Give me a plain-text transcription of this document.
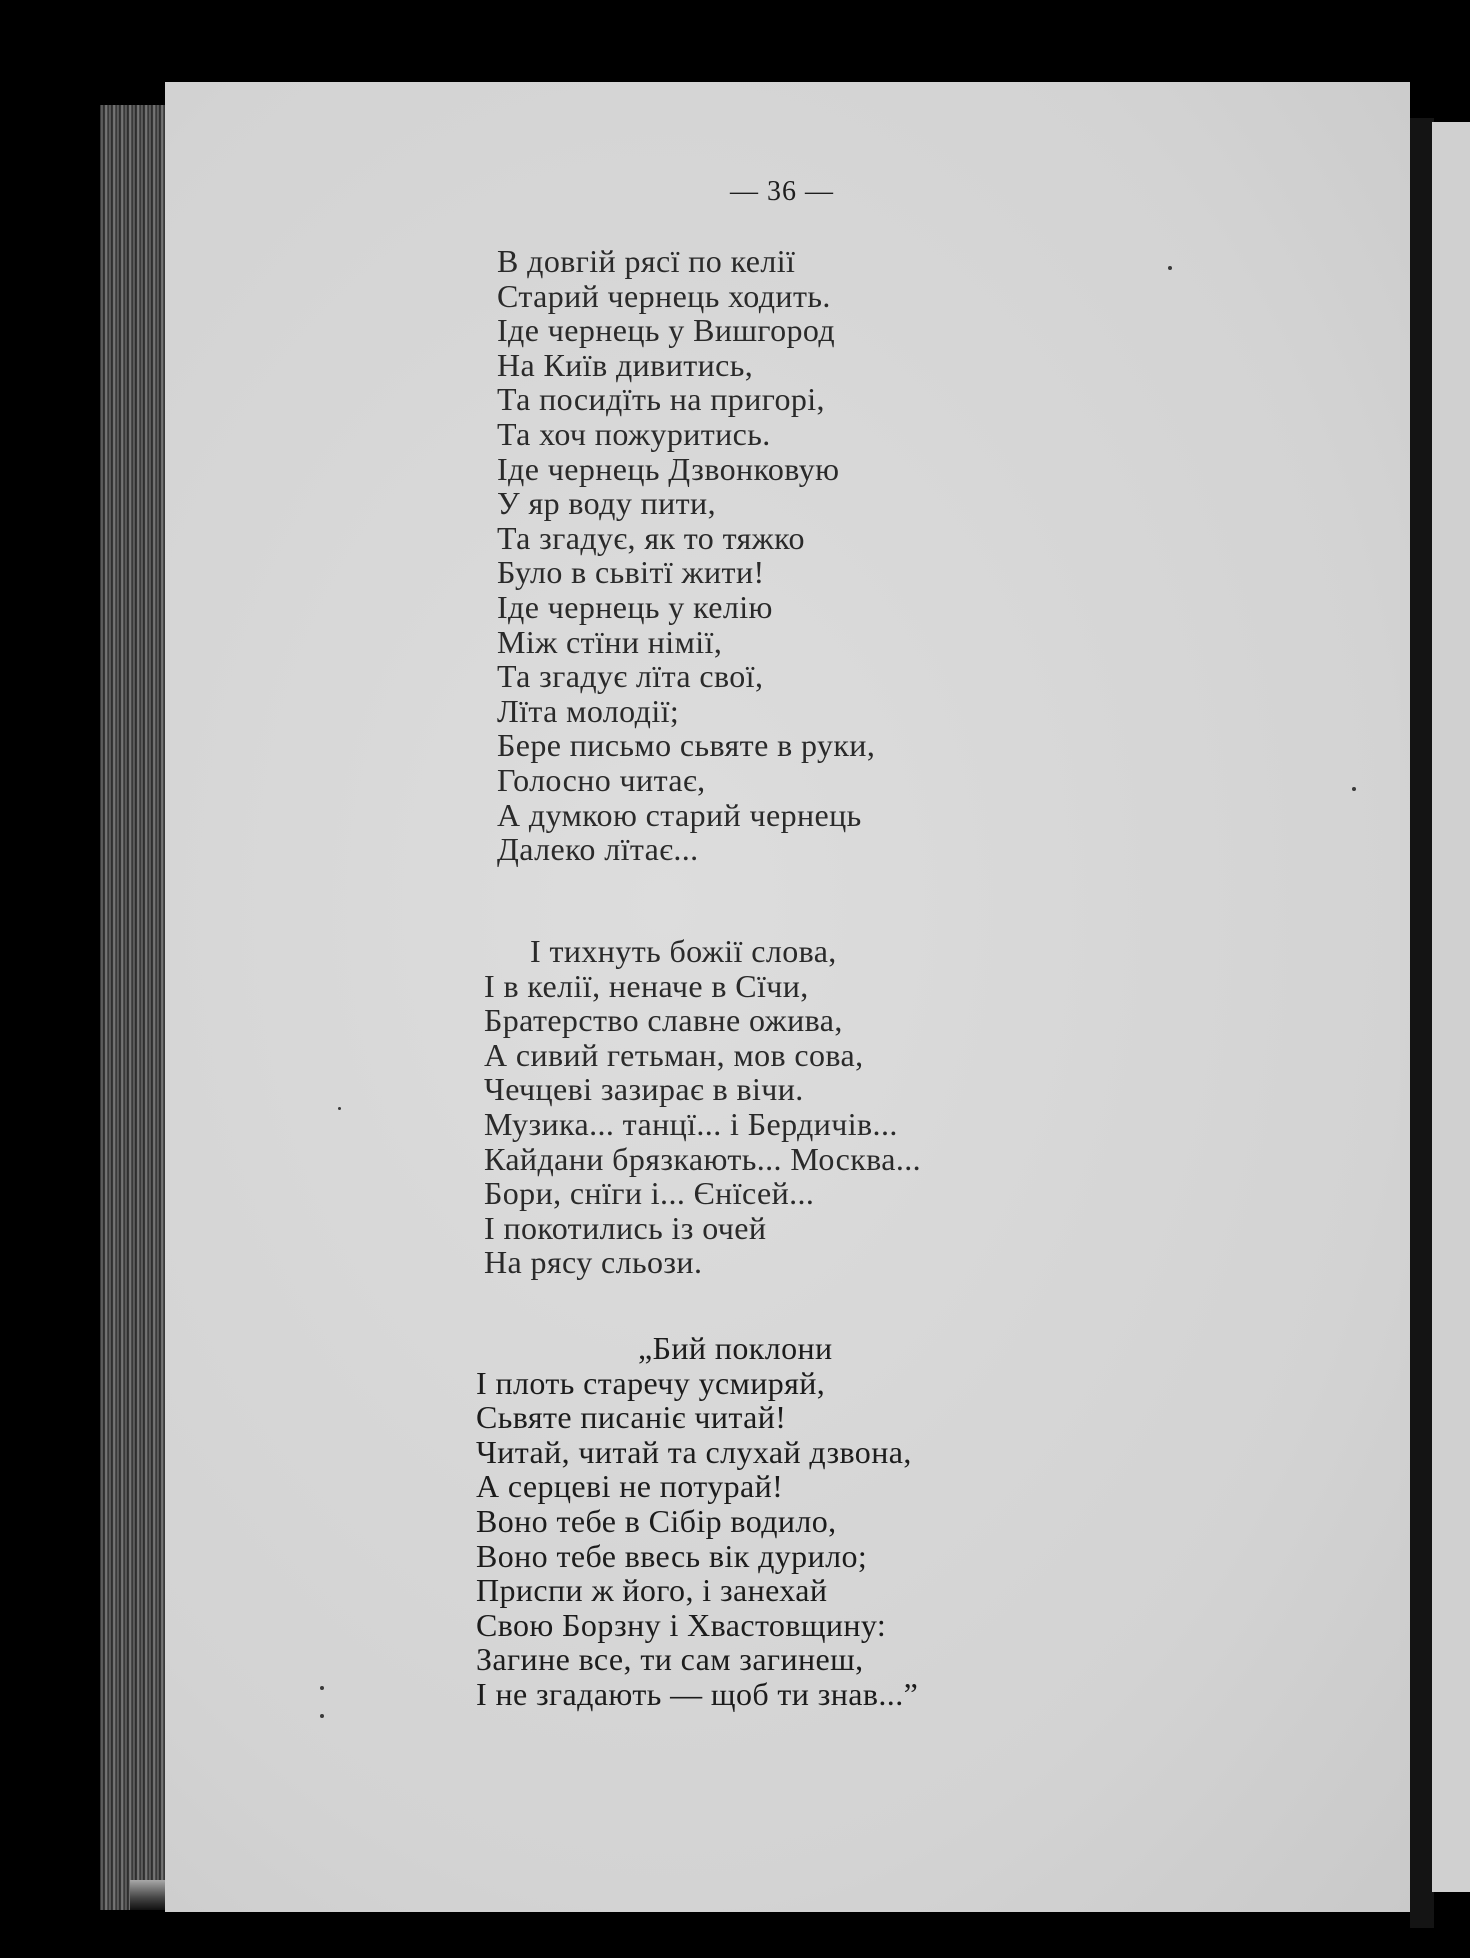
— 36 —
В довгій рясї по келії
Старий чернець ходить.
Іде чернець у Вишгород
На Київ дивитись,
Та посидїть на пригорі,
Та хоч пожуритись.
Іде чернець Дзвонковую
У яр воду пити,
Та згадує, як то тяжко
Було в сьвітї жити!
Іде чернець у келію
Між стїни німії,
Та згадує лїта свої,
Лїта молодії;
Бере письмо сьвяте в руки,
Голосно читає,
А думкою старий чернець
Далеко лїтає...
І тихнуть божії слова,
І в келії, неначе в Сїчи,
Братерство славне ожива,
А сивий гетьман, мов сова,
Чечцеві зазирає в вічи.
Музика... танцї... і Бердичів...
Кайдани брязкають... Москва...
Бори, снїги і... Єнїсей...
І покотились із очей
На рясу сльози.
„Бий поклони
І плоть старечу усмиряй,
Сьвяте писаніє читай!
Читай, читай та слухай дзвона,
А серцеві не потурай!
Воно тебе в Сібір водило,
Воно тебе ввесь вік дурило;
Приспи ж його, і занехай
Свою Борзну і Хвастовщину:
Загине все, ти сам загинеш,
І не згадають — щоб ти знав...”
